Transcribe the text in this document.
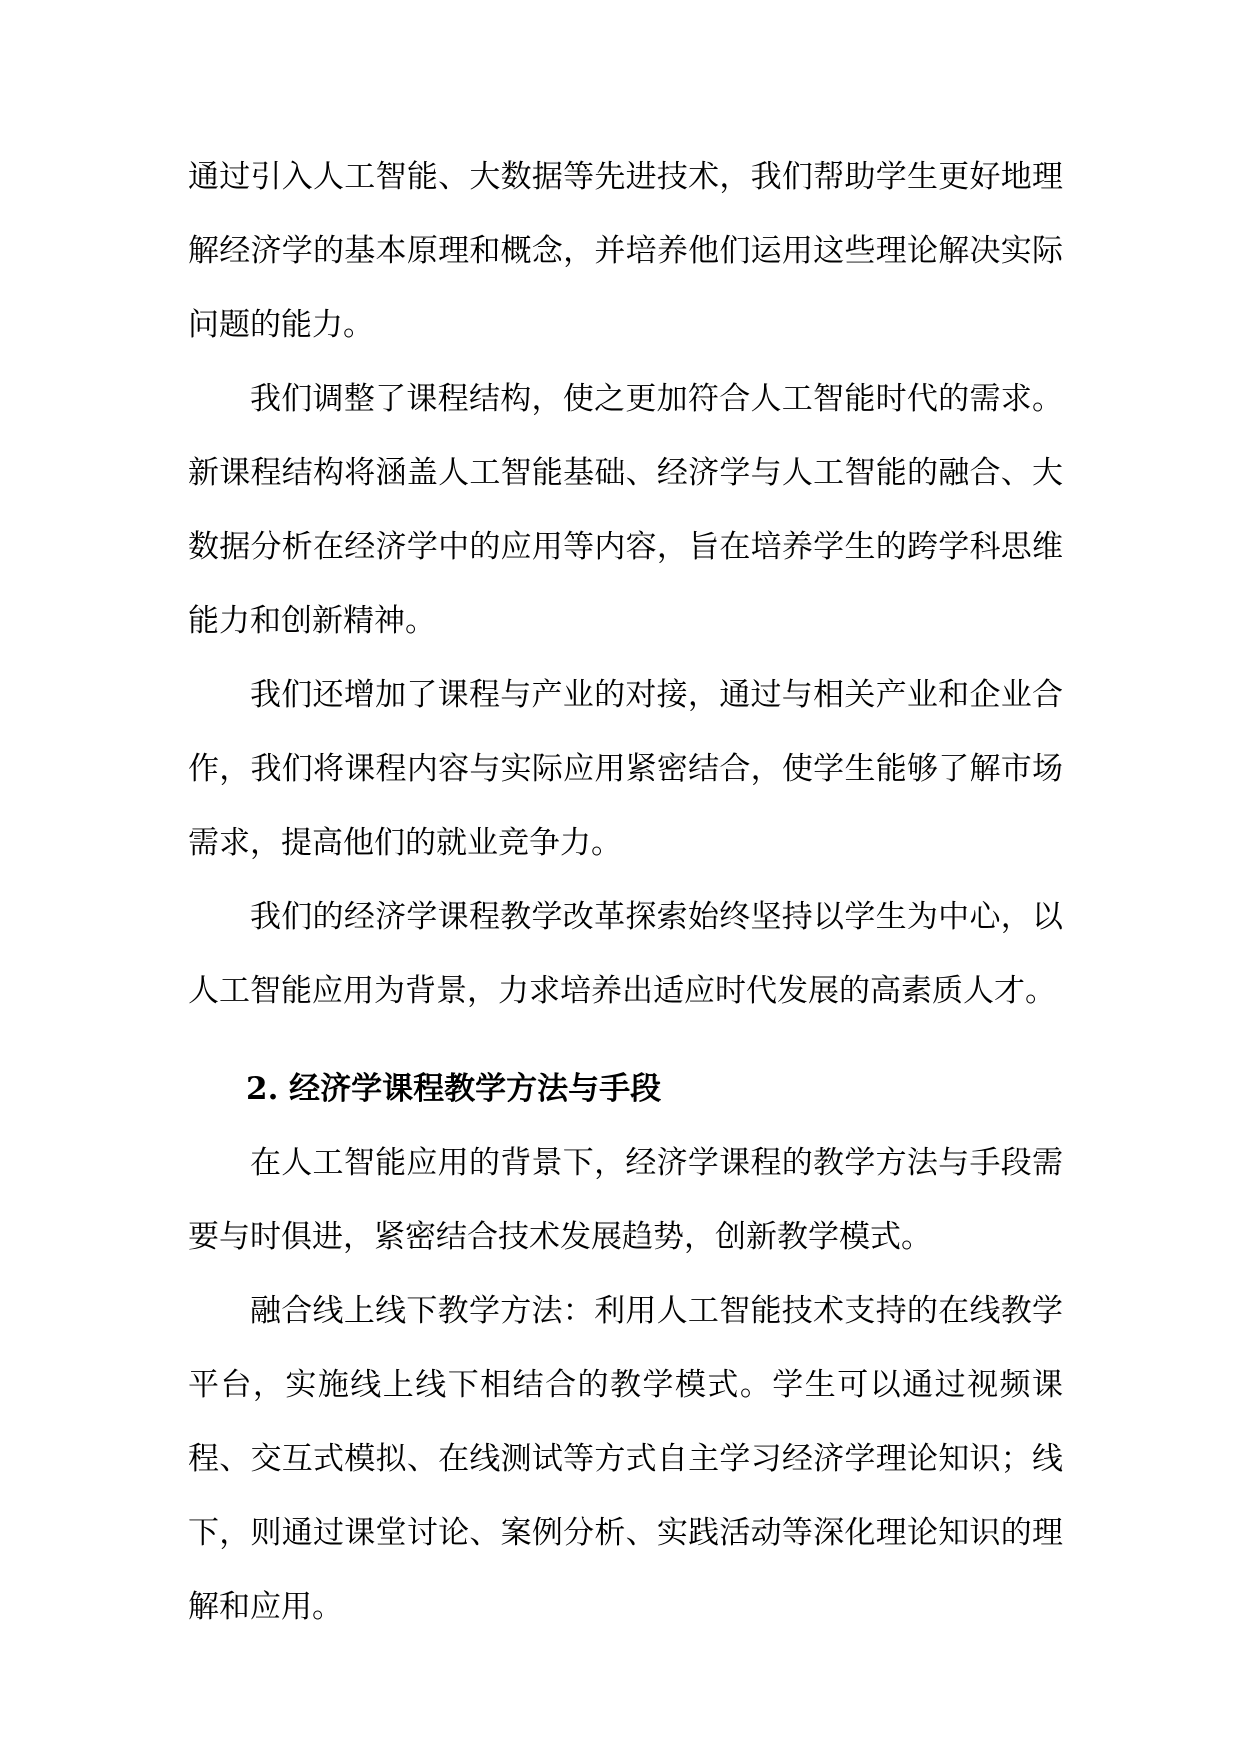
通过引入人工智能、大数据等先进技术，我们帮助学生更好地理解经济学的基本原理和概念，并培养他们运用这些理论解决实际问题的能力。

我们调整了课程结构，使之更加符合人工智能时代的需求。新课程结构将涵盖人工智能基础、经济学与人工智能的融合、大数据分析在经济学中的应用等内容，旨在培养学生的跨学科思维能力和创新精神。

我们还增加了课程与产业的对接，通过与相关产业和企业合作，我们将课程内容与实际应用紧密结合，使学生能够了解市场需求，提高他们的就业竞争力。

我们的经济学课程教学改革探索始终坚持以学生为中心，以人工智能应用为背景，力求培养出适应时代发展的高素质人才。

2. 经济学课程教学方法与手段

在人工智能应用的背景下，经济学课程的教学方法与手段需要与时俱进，紧密结合技术发展趋势，创新教学模式。

融合线上线下教学方法：利用人工智能技术支持的在线教学平台，实施线上线下相结合的教学模式。学生可以通过视频课程、交互式模拟、在线测试等方式自主学习经济学理论知识；线下，则通过课堂讨论、案例分析、实践活动等深化理论知识的理解和应用。
